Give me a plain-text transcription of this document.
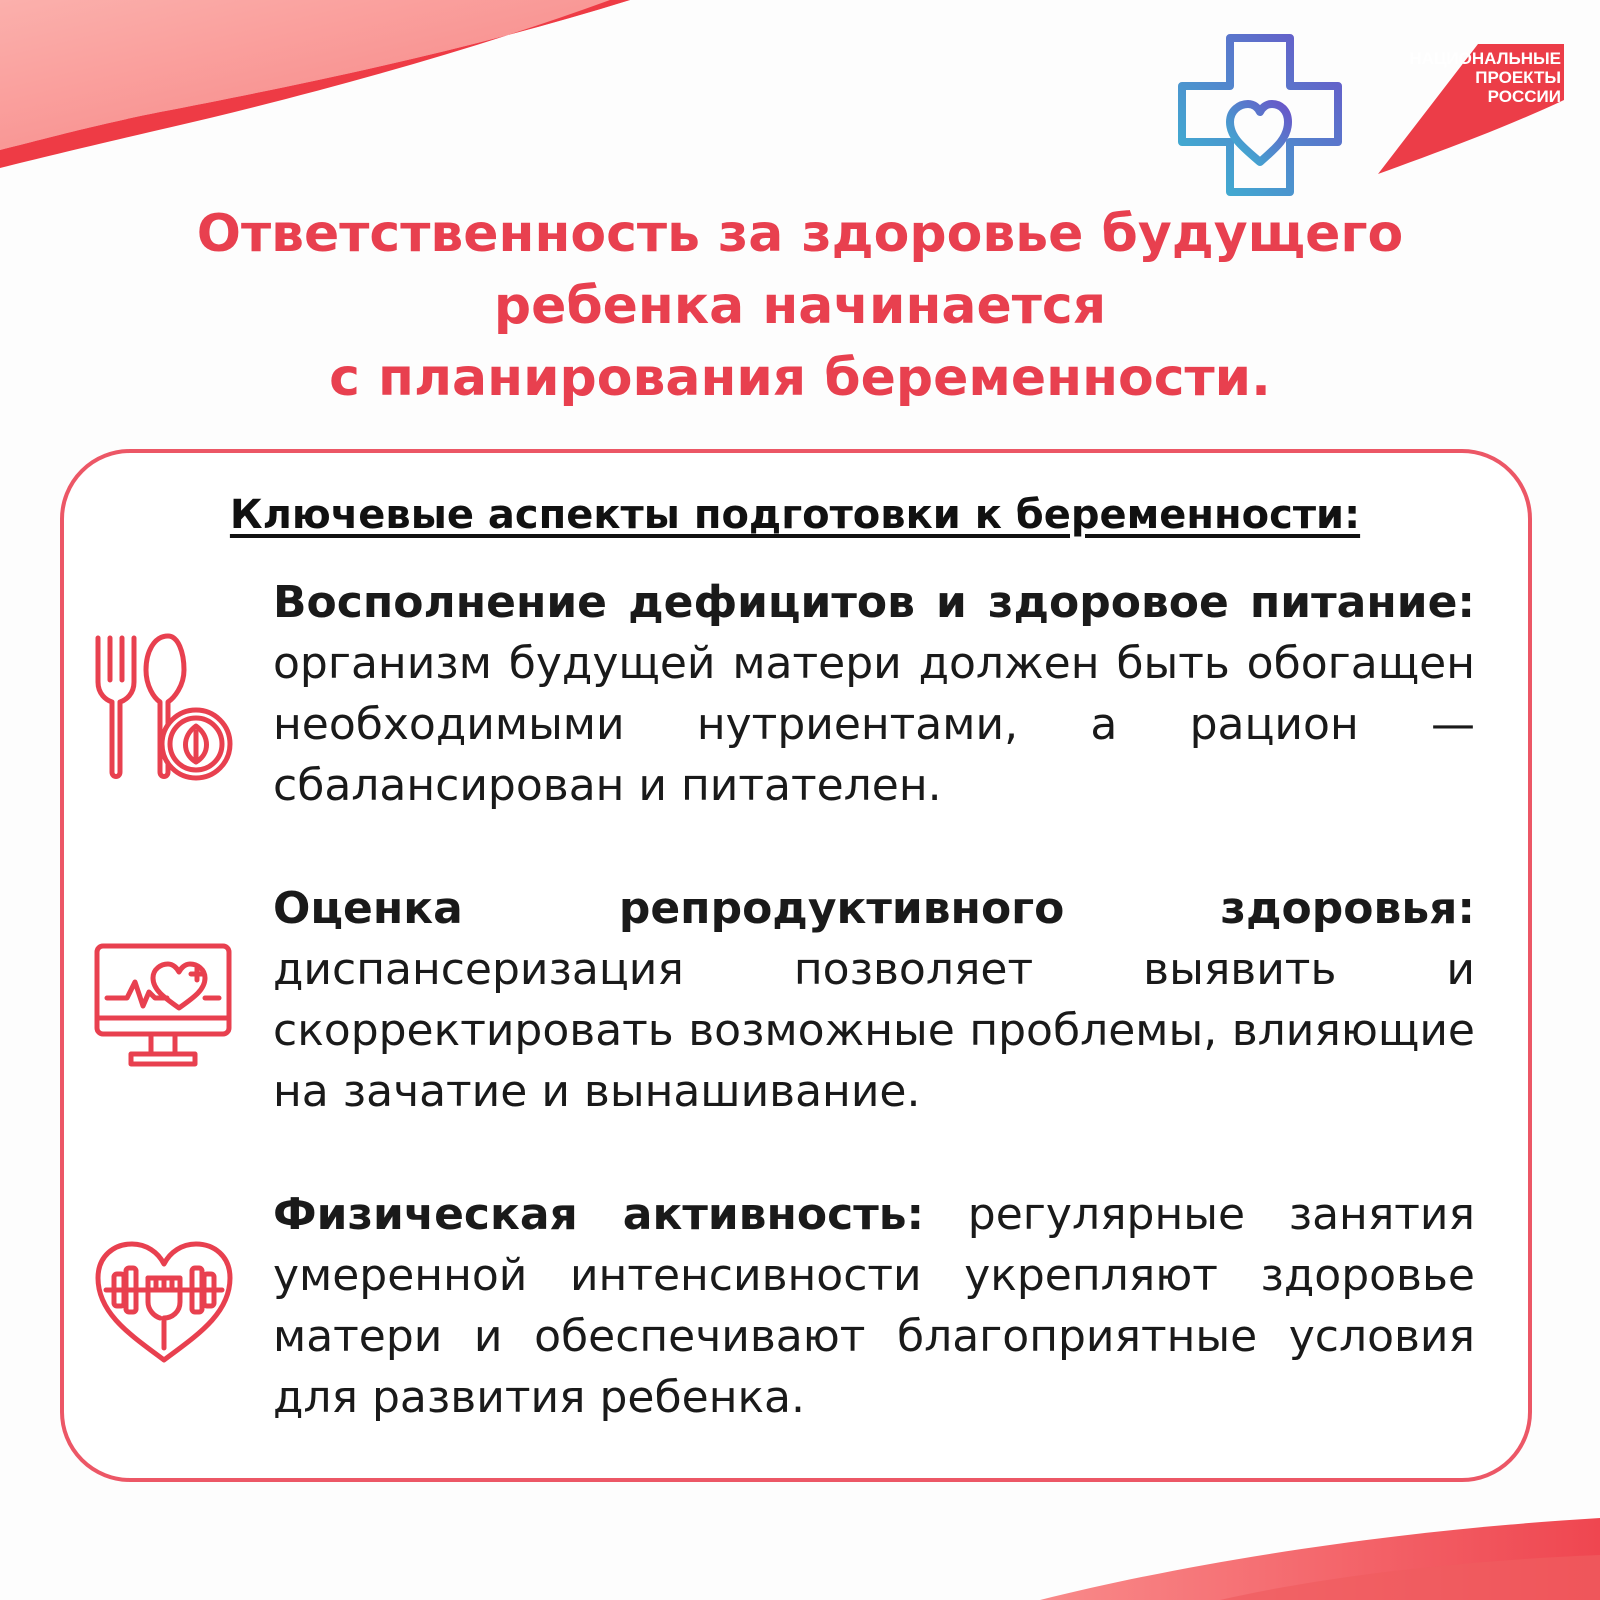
НАЦИОНАЛЬНЫЕ
ПРОЕКТЫ
РОССИИ
Ответственность за здоровье будущего
ребенка начинается
с планирования беременности.
Ключевые аспекты подготовки к беременности:

Восполнение дефицитов и здоровое питание: организм будущей матери должен быть обогащен необходимыми нутриентами, а рацион — сбалансирован и питателен.

Оценка репродуктивного здоровья: диспансеризация позволяет выявить и скорректировать возможные проблемы, влияющие на зачатие и вынашивание.

Физическая активность: регулярные занятия умеренной интенсивности укрепляют здоровье матери и обеспечивают благоприятные условия для развития ребенка.
